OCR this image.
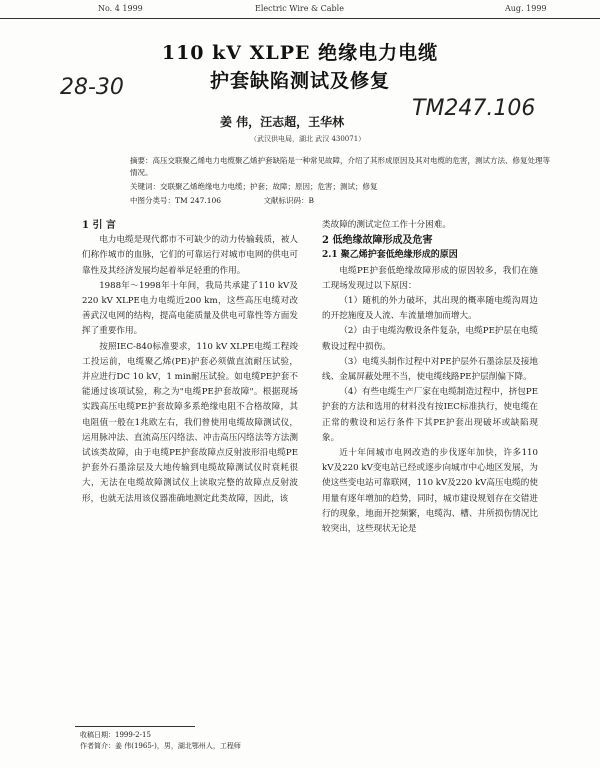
No. 4 1999	Electric Wire & Cable	Aug. 1999
110 kV XLPE 绝缘电力电缆
护套缺陷测试及修复
28-30
TM247.106
姜 伟，汪志超，王华林
（武汉供电局，湖北 武汉 430071）
摘要：高压交联聚乙烯电力电缆聚乙烯护套缺陷是一种常见故障，介绍了其形成原因及其对电缆的危害，测试方法、修复处理等情况。
关键词：交联聚乙烯绝缘电力电缆；护套；故障；原因；危害；测试；修复
中图分类号：TM 247.106	文献标识码：B

1 引 言

电力电缆是现代都市不可缺少的动力传输载质，被人们称作城市的血脉，它们的可靠运行对城市电网的供电可靠性及其经济发展均起着举足轻重的作用。

1988年～1998年十年间，我局共承建了110 kV及220 kV XLPE电力电缆近200 km，这些高压电缆对改善武汉电网的结构，提高电能质量及供电可靠性等方面发挥了重要作用。

按照IEC-840标准要求，110 kV XLPE电缆工程竣工投运前，电缆聚乙烯(PE)护套必须做直流耐压试验，并应进行DC 10 kV，1 min耐压试验。如电缆PE护套不能通过该项试验，称之为"电缆PE护套故障"。根据现场实践高压电缆PE护套故障多系绝缘电阻不合格故障，其电阻值一般在1兆欧左右，我们曾使用电缆故障测试仪，运用脉冲法、直流高压闪络法、冲击高压闪络法等方法测试该类故障，由于电缆PE护套故障点反射波形沿电缆PE护套外石墨涂层及大地传输到电缆故障测试仪时衰耗很大，无法在电缆故障测试仪上读取完整的故障点反射波形，也就无法用该仪器准确地测定此类故障，因此，该

类故障的测试定位工作十分困难。

2 低绝缘故障形成及危害

2.1 聚乙烯护套低绝缘形成的原因

电缆PE护套低绝缘故障形成的原因较多，我们在施工现场发现过以下原因：

（1）随机的外力破坏，其出现的概率随电缆沟周边的开挖施度及人流、车流量增加而增大。

（2）由于电缆沟敷设条件复杂，电缆PE护层在电缆敷设过程中损伤。

（3）电缆头制作过程中对PE护层外石墨涂层及接地线、金属屏蔽处理不当，使电缆线路PE护层削偏下降。

（4）有些电缆生产厂家在电缆制造过程中，挤包PE护套的方法和选用的材料没有按IEC标准执行，使电缆在正常的敷设和运行条件下其PE护套出现破坏或缺陷现象。

近十年间城市电网改造的步伐逐年加快，许多110 kV及220 kV变电站已经或逐步向城市中心地区发展，为使这些变电站可靠联网，110 kV及220 kV高压电缆的使用量有逐年增加的趋势，同时，城市建设规划存在交错进行的现象，地面开挖频繁，电缆沟、槽、井所损伤情况比较突出，这些现状无论是

收稿日期：1999-2-15
作者简介：姜 伟(1965-)，男，湖北鄂州人，工程师
